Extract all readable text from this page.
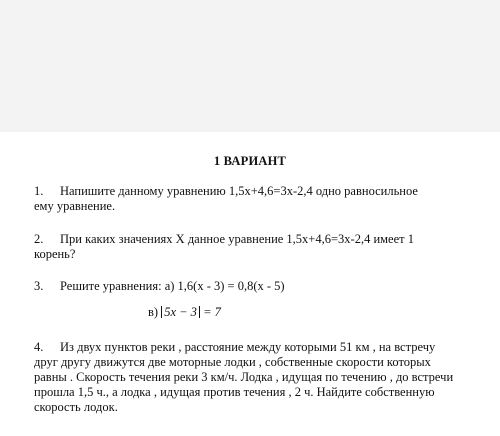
1 ВАРИАНТ
1. Напишите данному уравнению 1,5х+4,6=3х-2,4 одно равносильное
ему уравнение.
2. При каких значениях X данное уравнение 1,5х+4,6=3х-2,4 имеет 1
корень?
3. Решите уравнения: а) 1,6(х - 3) = 0,8(х - 5)
в) 5x − 3 = 7
4. Из двух пунктов реки , расстояние между которыми 51 км , на встречу
друг другу движутся две моторные лодки , собственные скорости которых
равны . Скорость течения реки 3 км/ч. Лодка , идущая по течению , до встречи
прошла 1,5 ч., а лодка , идущая против течения , 2 ч. Найдите собственную
скорость лодок.
